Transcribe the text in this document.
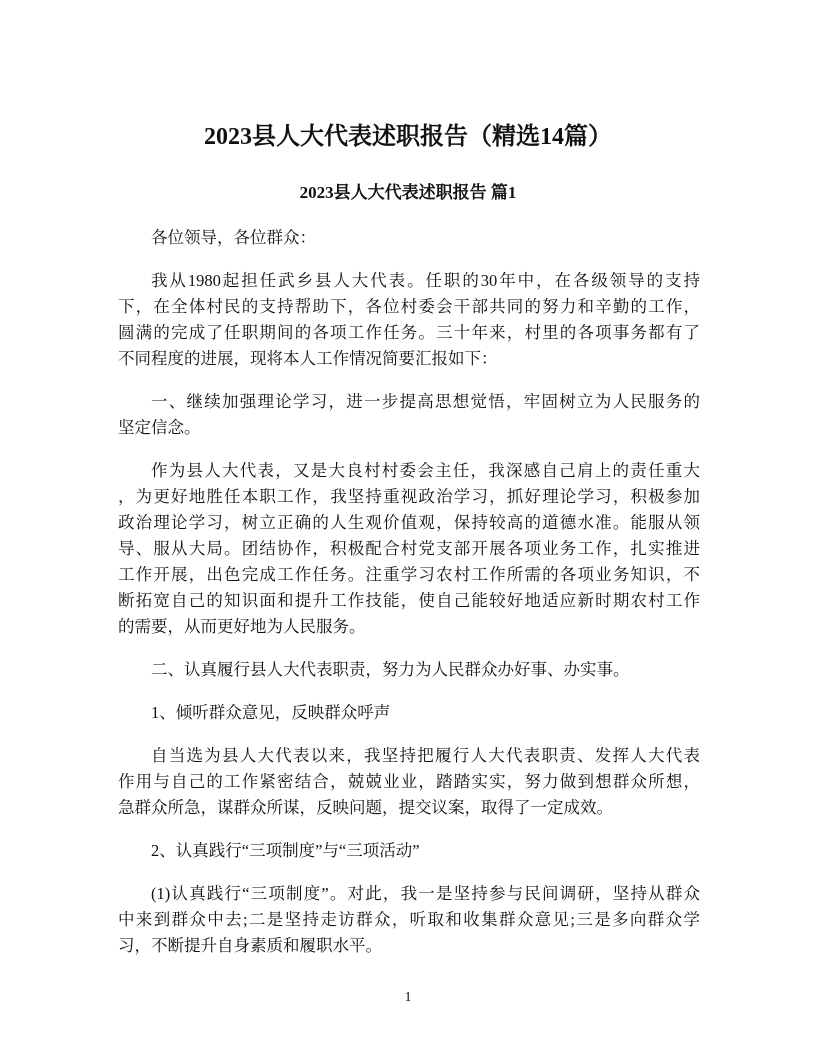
2023县人大代表述职报告（精选14篇）
2023县人大代表述职报告 篇1
各位领导，各位群众：
我从1980起担任武乡县人大代表。任职的30年中，在各级领导的支持
下，在全体村民的支持帮助下，各位村委会干部共同的努力和辛勤的工作，
圆满的完成了任职期间的各项工作任务。三十年来，村里的各项事务都有了
不同程度的进展，现将本人工作情况简要汇报如下：
一、继续加强理论学习，进一步提高思想觉悟，牢固树立为人民服务的
坚定信念。
作为县人大代表，又是大良村村委会主任，我深感自己肩上的责任重大
，为更好地胜任本职工作，我坚持重视政治学习，抓好理论学习，积极参加
政治理论学习，树立正确的人生观价值观，保持较高的道德水准。能服从领
导、服从大局。团结协作，积极配合村党支部开展各项业务工作，扎实推进
工作开展，出色完成工作任务。注重学习农村工作所需的各项业务知识，不
断拓宽自己的知识面和提升工作技能，使自己能较好地适应新时期农村工作
的需要，从而更好地为人民服务。
二、认真履行县人大代表职责，努力为人民群众办好事、办实事。
1、倾听群众意见，反映群众呼声
自当选为县人大代表以来，我坚持把履行人大代表职责、发挥人大代表
作用与自己的工作紧密结合，兢兢业业，踏踏实实，努力做到想群众所想，
急群众所急，谋群众所谋，反映问题，提交议案，取得了一定成效。
2、认真践行“三项制度”与“三项活动”
(1)认真践行“三项制度”。对此，我一是坚持参与民间调研，坚持从群众
中来到群众中去;二是坚持走访群众，听取和收集群众意见;三是多向群众学
习，不断提升自身素质和履职水平。
1
